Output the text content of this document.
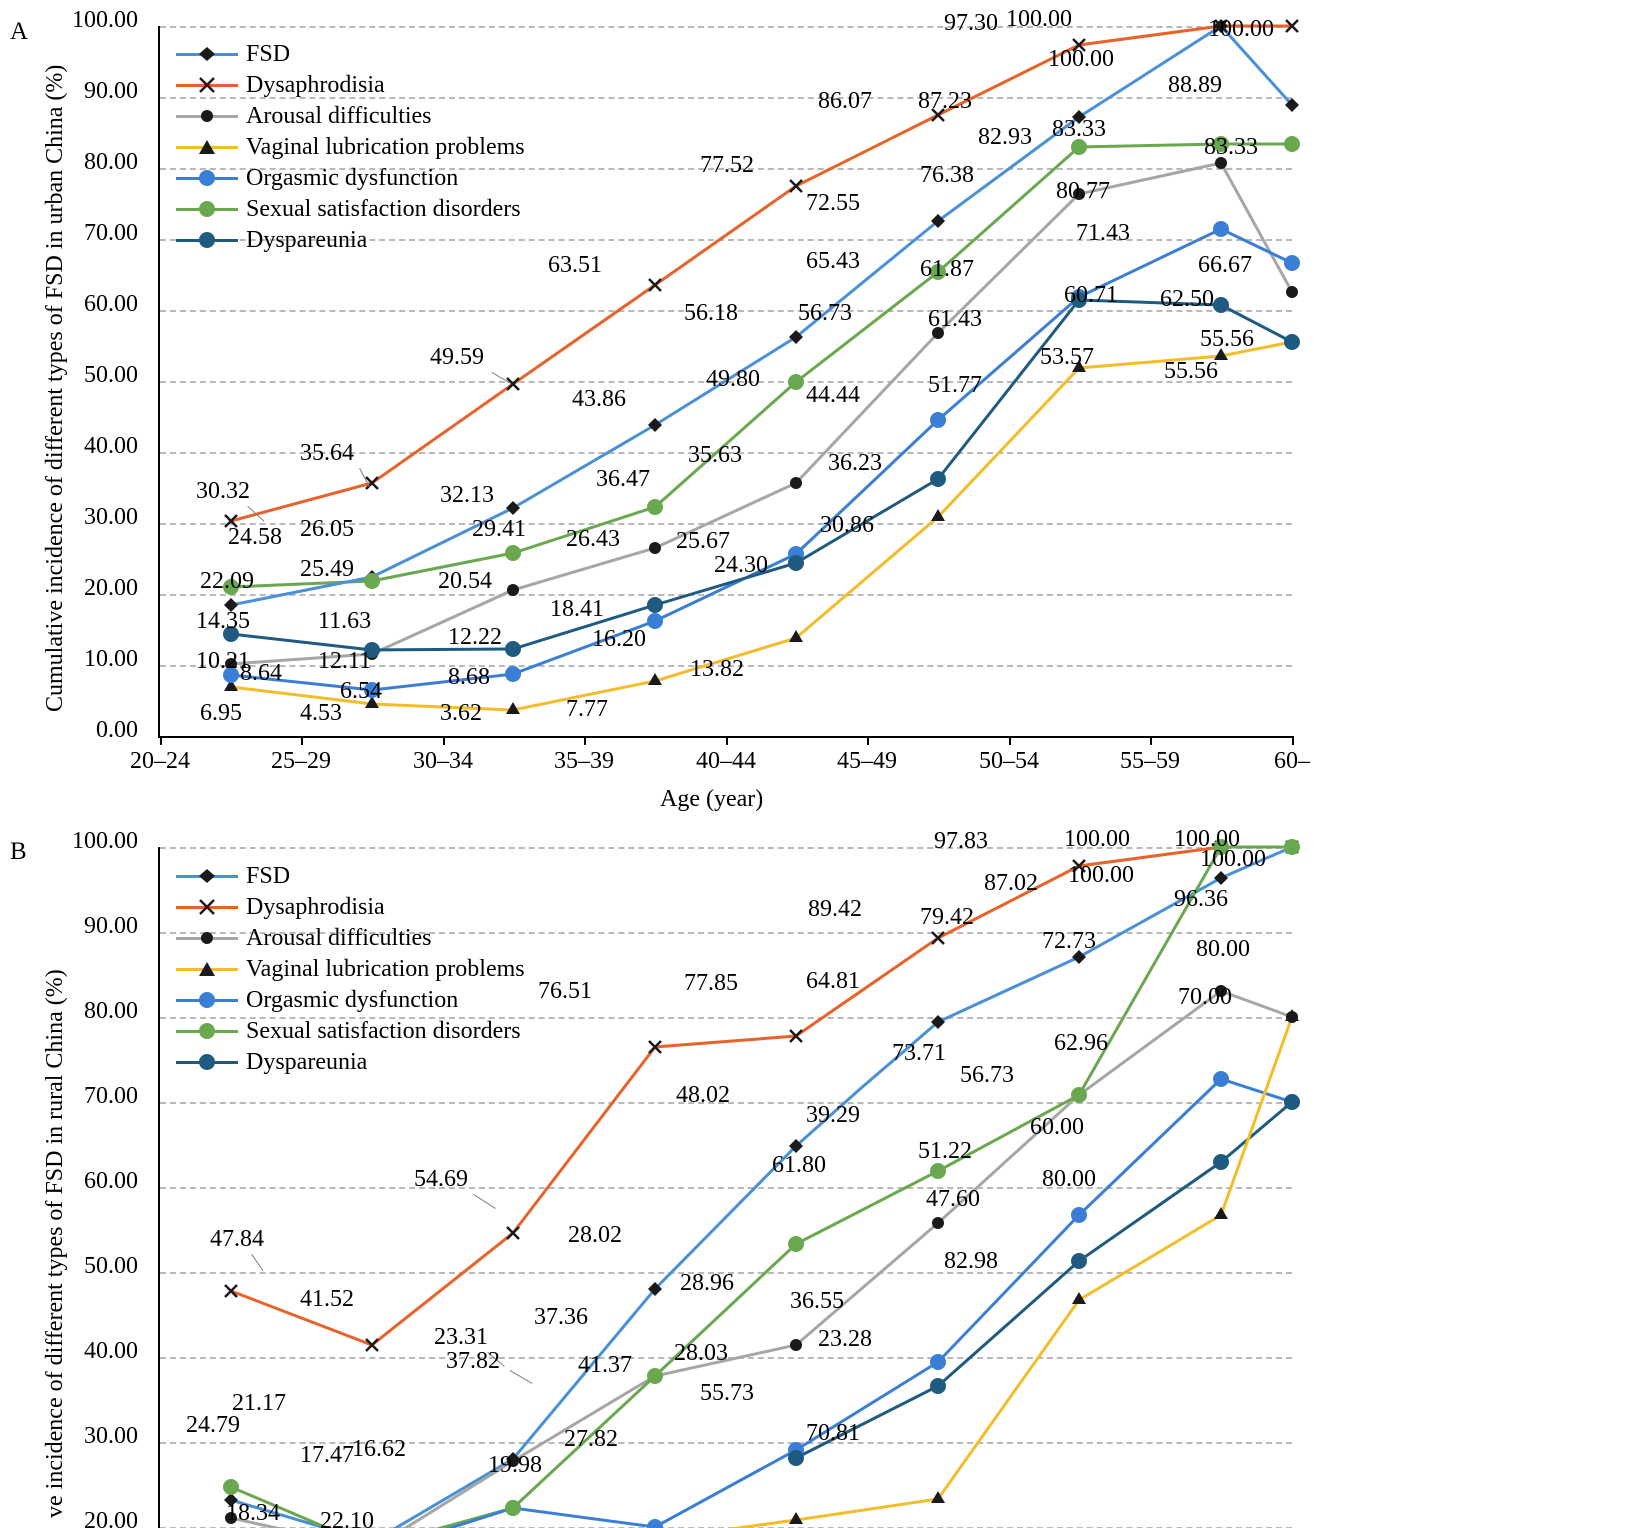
A
Cumulative incidence of different types of FSD in urban China (%)
0.00
10.00
20.00
30.00
40.00
50.00
60.00
70.00
80.00
90.00
100.00
20–24	25–29	30–34	35–39	40–44	45–49	50–54	55–59	60–
Age (year)
FSD
Dysaphrodisia
Arousal difficulties
Vaginal lubrication problems
Orgasmic dysfunction
Sexual satisfaction disorders
Dyspareunia
30.32
24.58
22.09
14.35
10.21
8.64
6.95
35.64
26.05
25.49
11.63
12.11
6.54
4.53
49.59
32.13
29.41
20.54
12.22
8.68
3.62
63.51
43.86
36.47
26.43
18.41
16.20
7.77
77.52
56.18
49.80
35.63
25.67
24.30
13.82
86.07
72.55
65.43
56.73
44.44
36.23
30.86
97.30
87.23
82.93
76.38
61.87
61.43
51.77
100.00
100.00
83.33
83.33
80.77
71.43
60.71
53.57
100.00
88.89
66.67
62.50
55.56
55.56
B
ve incidence of different types of FSD in rural China (%)
20.00
30.00
40.00
50.00
60.00
70.00
80.00
90.00
100.00
FSD
Dysaphrodisia
Arousal difficulties
Vaginal lubrication problems
Orgasmic dysfunction
Sexual satisfaction disorders
Dyspareunia
47.84
41.52
54.69
76.51	77.85
89.42
97.83	100.00 100.00
100.00
100.00
96.36
87.02
79.42
64.81
48.02
28.02
23.31
24.79
21.17
18.34
17.47
16.62
22.10
19.98
27.82
37.82
37.36
41.37
28.96
28.03
55.73
61.80
39.29
36.55
23.28
70.81
73.71
56.73
51.22
47.60
82.98
72.73
62.96
60.00
80.00
80.00
70.00
